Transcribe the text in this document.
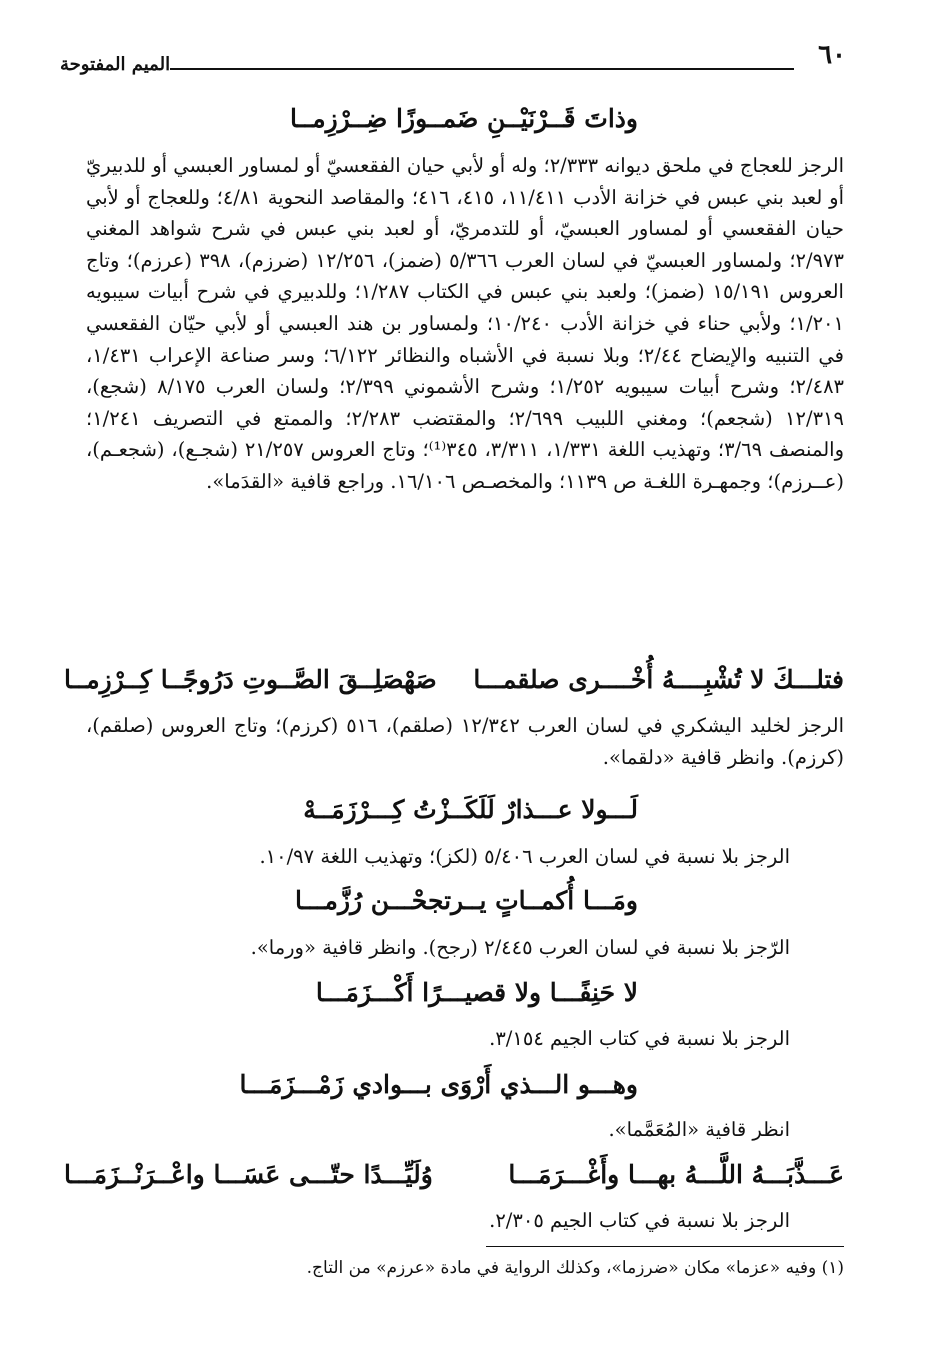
٦٠
الميم المفتوحة
وذاتَ قَــرْنَيْــنِ ضَمــوزًا ضِــرْزِمــا
الرجز للعجاج في ملحق ديوانه ٢/٣٣٣؛ وله أو لأبي حيان الفقعسيّ أو لمساور العبسي أو للدبيريّ أو لعبد بني عبس في خزانة الأدب ١١/٤١١، ٤١٥، ٤١٦؛ والمقاصد النحوية ٤/٨١؛ وللعجاج أو لأبي حيان الفقعسي أو لمساور العبسيّ، أو للتدمريّ، أو لعبد بني عبس في شرح شواهد المغني ٢/٩٧٣؛ ولمساور العبسيّ في لسان العرب ٥/٣٦٦ (ضمز)، ١٢/٢٥٦ (ضرزم)، ٣٩٨ (عرزم)؛ وتاج العروس ١٥/١٩١ (ضمز)؛ ولعبد بني عبس في الكتاب ١/٢٨٧؛ وللدبيري في شرح أبيات سيبويه ١/٢٠١؛ ولأبي حناء في خزانة الأدب ١٠/٢٤٠؛ ولمساور بن هند العبسي أو لأبي حيّان الفقعسي في التنبيه والإيضاح ٢/٤٤؛ وبلا نسبة في الأشباه والنظائر ٦/١٢٢؛ وسر صناعة الإعراب ١/٤٣١، ٢/٤٨٣؛ وشرح أبيات سيبويه ١/٢٥٢؛ وشرح الأشموني ٢/٣٩٩؛ ولسان العرب ٨/١٧٥ (شجع)، ١٢/٣١٩ (شجعم)؛ ومغني اللبيب ٢/٦٩٩؛ والمقتضب ٢/٢٨٣؛ والممتع في التصريف ١/٢٤١؛ والمنصف ٣/٦٩؛ وتهذيب اللغة ١/٣٣١، ٣/٣١١، ٣٤٥⁽¹⁾؛ وتاج العروس ٢١/٢٥٧ (شجـع)، (شجعـم)، (عــرزم)؛ وجمهـرة اللغـة ص ١١٣٩؛ والمخصـص ١٦/١٠٦. وراجع قافية «القدَما».
فتلـــكَ لا تُشْبِــــهُ أُخْــــرى صلقمـــا
صَهْصَلِــقَ الصَّــوتِ دَرُوجًــا كِــرْزِمــا
الرجز لخليد اليشكري في لسان العرب ١٢/٣٤٢ (صلقم)، ٥١٦ (كرزم)؛ وتاج العروس (صلقم)، (كرزم). وانظر قافية «دلقما».
لَـــولا عـــذارٌ لَلَكَــزْتُ كِـــرْزَمَــهْ
الرجز بلا نسبة في لسان العرب ٥/٤٠٦ (لكز)؛ وتهذيب اللغة ١٠/٩٧.
ومَـــا أُكمــاتٍ يــرتجحْـــن رُزَّمـــا
الرّجز بلا نسبة في لسان العرب ٢/٤٤٥ (رجح). وانظر قافية «ورما».
لا حَنِفًـــا ولا قصيـــرًا أَكْـــزَمَـــا
الرجز بلا نسبة في كتاب الجيم ٣/١٥٤.
وهـــو الـــذي أَرْوَى بـــوادي زَمْـــزَمَـــا
انظر قافية «المُعَمَّما».
عَـــذَّبَـــهُ اللَّـــهُ بهـــا وأَغْـــرَمَـــا
وُلَيِّـــدًا حتّـــى عَسَـــا واعْــرَنْــزَمَـــا
الرجز بلا نسبة في كتاب الجيم ٢/٣٠٥.
(١) وفيه «عزما» مكان «ضرزما»، وكذلك الرواية في مادة «عرزم» من التاج.
